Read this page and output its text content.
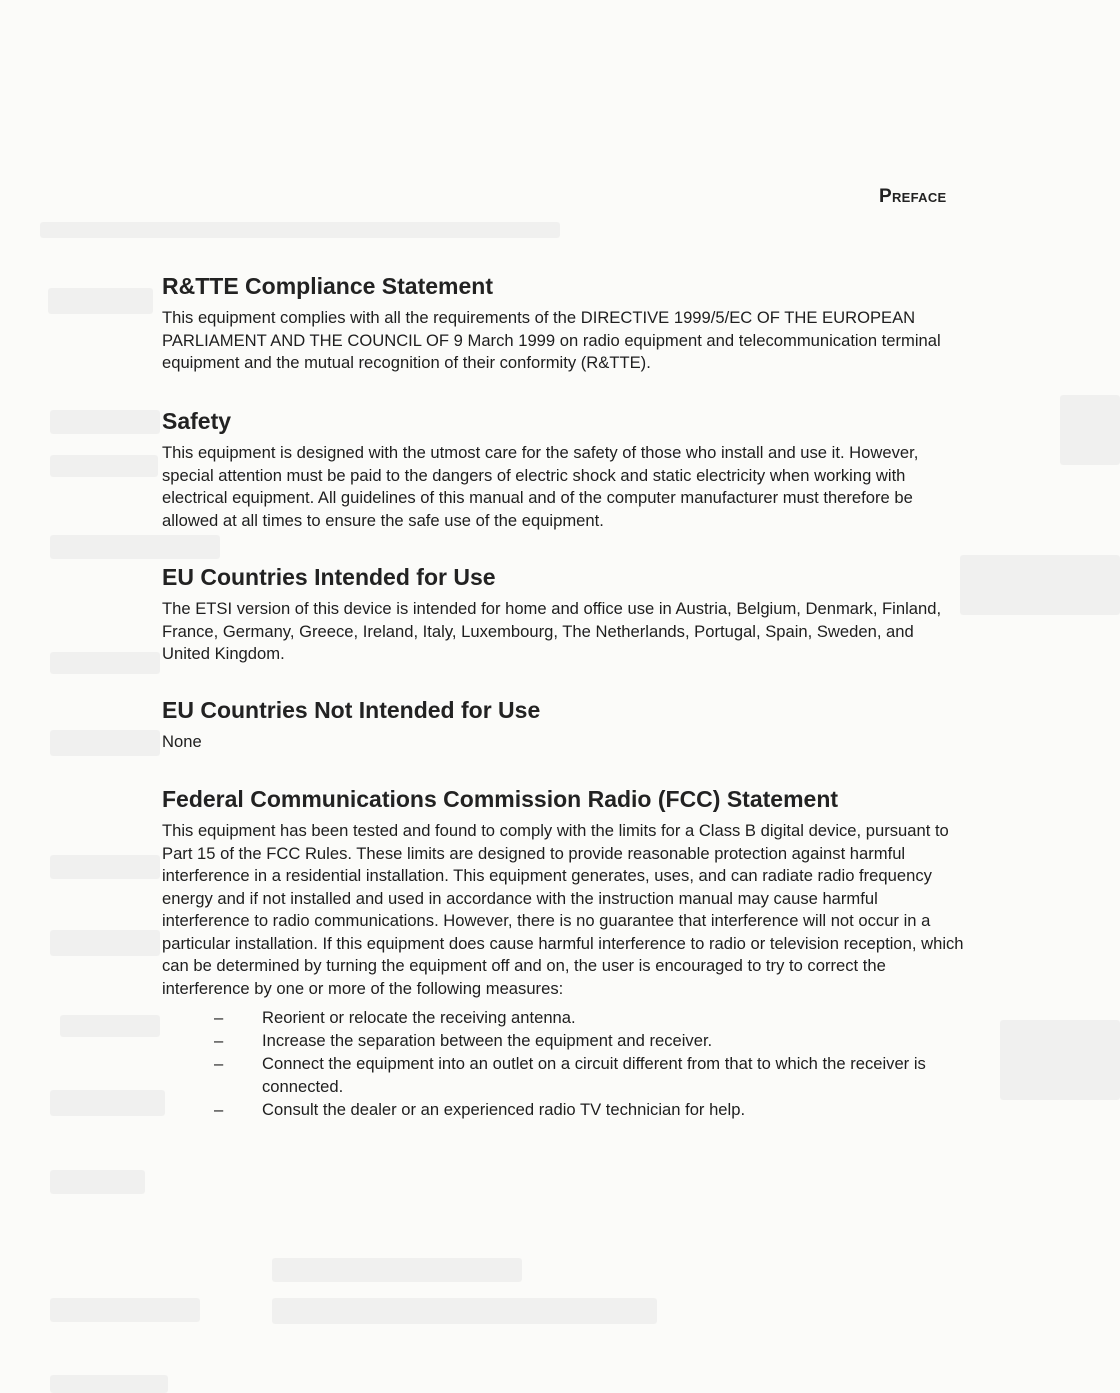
Preface
R&TTE Compliance Statement

This equipment complies with all the requirements of the DIRECTIVE 1999/5/EC OF THE EUROPEAN PARLIAMENT AND THE COUNCIL OF 9 March 1999 on radio equipment and telecommunication terminal equipment and the mutual recognition of their conformity (R&TTE).

Safety

This equipment is designed with the utmost care for the safety of those who install and use it. However, special attention must be paid to the dangers of electric shock and static electricity when working with electrical equipment. All guidelines of this manual and of the computer manufacturer must therefore be allowed at all times to ensure the safe use of the equipment.

EU Countries Intended for Use

The ETSI version of this device is intended for home and office use in Austria, Belgium, Denmark, Finland, France, Germany, Greece, Ireland, Italy, Luxembourg, The Netherlands, Portugal, Spain, Sweden, and United Kingdom.

EU Countries Not Intended for Use

None

Federal Communications Commission Radio (FCC) Statement

This equipment has been tested and found to comply with the limits for a Class B digital device, pursuant to Part 15 of the FCC Rules. These limits are designed to provide reasonable protection against harmful interference in a residential installation. This equipment generates, uses, and can radiate radio frequency energy and if not installed and used in accordance with the instruction manual may cause harmful interference to radio communications. However, there is no guarantee that interference will not occur in a particular installation. If this equipment does cause harmful interference to radio or television reception, which can be determined by turning the equipment off and on, the user is encouraged to try to correct the interference by one or more of the following measures:

– Reorient or relocate the receiving antenna.
– Increase the separation between the equipment and receiver.
– Connect the equipment into an outlet on a circuit different from that to which the receiver is connected.
– Consult the dealer or an experienced radio TV technician for help.
